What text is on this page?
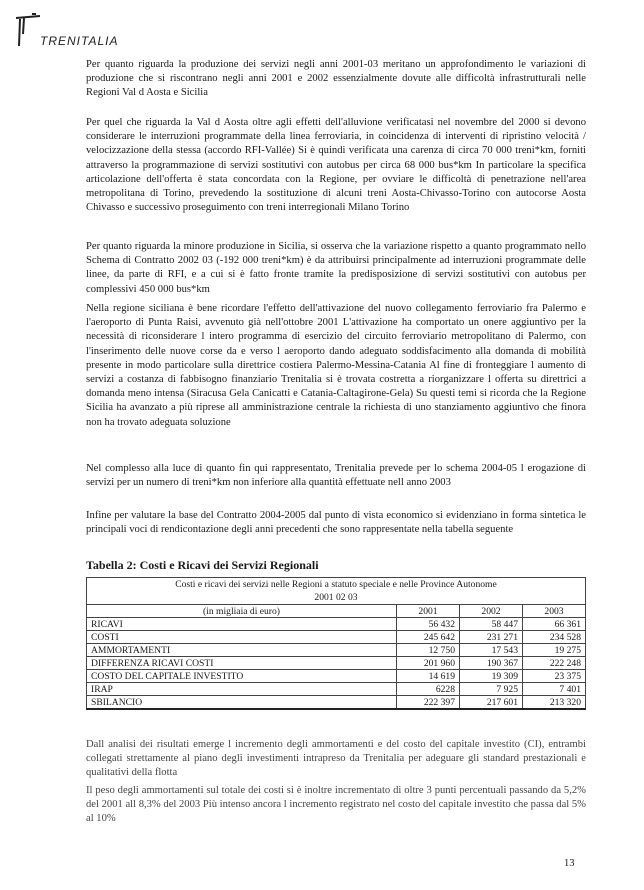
TRENITALIA

Per quanto riguarda la produzione dei servizi negli anni 2001-03 meritano un approfondimento le variazioni di produzione che si riscontrano negli anni 2001 e 2002 essenzialmente dovute alle difficoltà infrastrutturali nelle Regioni Val d Aosta e Sicilia

Per quel che riguarda la Val d Aosta oltre agli effetti dell'alluvione verificatasi nel novembre del 2000 si devono considerare le interruzioni programmate della linea ferroviaria, in coincidenza di interventi di ripristino velocità / velocizzazione della stessa (accordo RFI-Vallée) Si è quindi verificata una carenza di circa 70 000 treni*km, forniti attraverso la programmazione di servizi sostitutivi con autobus per circa 68 000 bus*km In particolare la specifica articolazione dell'offerta è stata concordata con la Regione, per ovviare le difficoltà di penetrazione nell'area metropolitana di Torino, prevedendo la sostituzione di alcuni treni Aosta-Chivasso-Torino con autocorse Aosta Chivasso e successivo proseguimento con treni interregionali Milano Torino

Per quanto riguarda la minore produzione in Sicilia, si osserva che la variazione rispetto a quanto programmato nello Schema di Contratto 2002 03 (-192 000 treni*km) è da attribuirsi principalmente ad interruzioni programmate delle linee, da parte di RFI, e a cui si è fatto fronte tramite la predisposizione di servizi sostitutivi con autobus per complessivi 450 000 bus*km

Nella regione siciliana è bene ricordare l'effetto dell'attivazione del nuovo collegamento ferroviario fra Palermo e l'aeroporto di Punta Raisi, avvenuto già nell'ottobre 2001 L'attivazione ha comportato un onere aggiuntivo per la necessità di riconsiderare l intero programma di esercizio del circuito ferroviario metropolitano di Palermo, con l'inserimento delle nuove corse da e verso l aeroporto dando adeguato soddisfacimento alla domanda di mobilità presente in modo particolare sulla direttrice costiera Palermo-Messina-Catania Al fine di fronteggiare l aumento di servizi a costanza di fabbisogno finanziario Trenitalia si è trovata costretta a riorganizzare l offerta su direttrici a domanda meno intensa (Siracusa Gela Canicatti e Catania-Caltagirone-Gela) Su questi temi si ricorda che la Regione Sicilia ha avanzato a più riprese all amministrazione centrale la richiesta di uno stanziamento aggiuntivo che finora non ha trovato adeguata soluzione

Nel complesso alla luce di quanto fin qui rappresentato, Trenitalia prevede per lo schema 2004-05 l erogazione di servizi per un numero di treni*km non inferiore alla quantità effettuate nell anno 2003

Infine per valutare la base del Contratto 2004-2005 dal punto di vista economico si evidenziano in forma sintetica le principali voci di rendicontazione degli anni precedenti che sono rappresentate nella tabella seguente

Tabella 2: Costi e Ricavi dei Servizi Regionali
Costi e ricavi dei servizi nelle Regioni a statuto speciale e nelle Province Autonome
2001 02 03			
(in migliaia di euro)	2001	2002	2003
RICAVI	56 432	58 447	66 361
COSTI	245 642	231 271	234 528
AMMORTAMENTI	12 750	17 543	19 275
DIFFERENZA RICAVI COSTI	201 960	190 367	222 248
COSTO DEL CAPITALE INVESTITO	14 619	19 309	23 375
IRAP	6228	7 925	7 401
SBILANCIO	222 397	217 601	213 320

Dall analisi dei risultati emerge l incremento degli ammortamenti e del costo del capitale investito (CI), entrambi collegati strettamente al piano degli investimenti intrapreso da Trenitalia per adeguare gli standard prestazionali e qualitativi della flotta

Il peso degli ammortamenti sul totale dei costi si è inoltre incrementato di oltre 3 punti percentuali passando da 5,2% del 2001 all 8,3% del 2003 Più intenso ancora l incremento registrato nel costo del capitale investito che passa dal 5% al 10%

13
